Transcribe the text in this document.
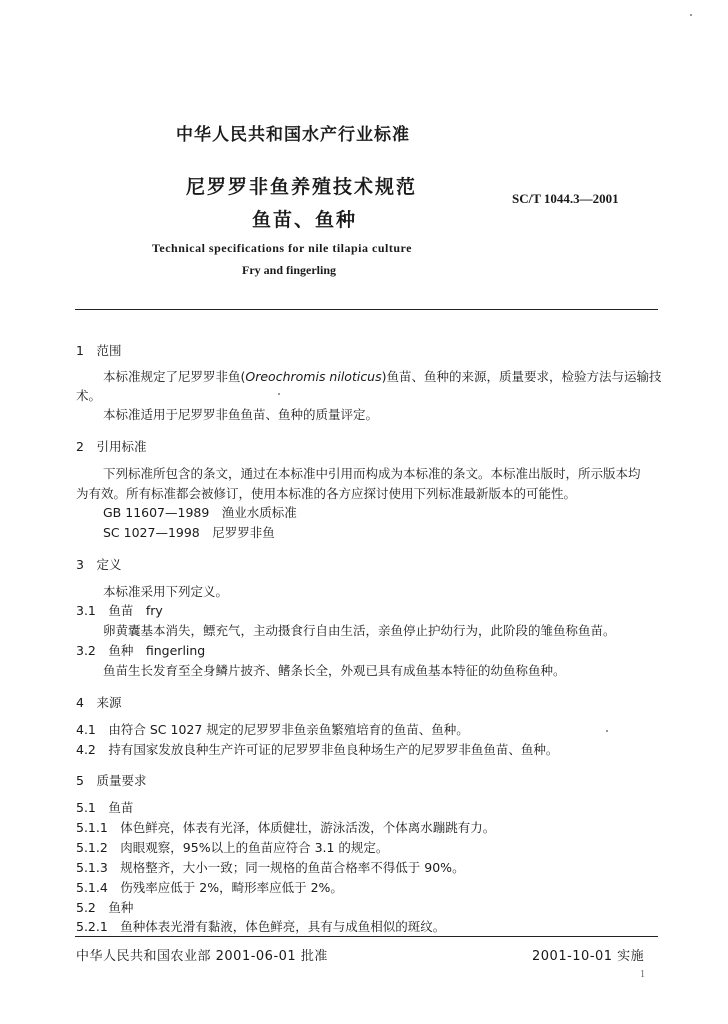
中华人民共和国水产行业标准
尼罗罗非鱼养殖技术规范
鱼苗、鱼种
SC/T 1044.3—2001
Technical specifications for nile tilapia culture
Fry and fingerling
1　范围
本标准规定了尼罗罗非鱼(Oreochromis niloticus)鱼苗、鱼种的来源，质量要求，检验方法与运输技
术。
本标准适用于尼罗罗非鱼鱼苗、鱼种的质量评定。
2　引用标准
下列标准所包含的条文，通过在本标准中引用而构成为本标准的条文。本标准出版时，所示版本均
为有效。所有标准都会被修订，使用本标准的各方应探讨使用下列标准最新版本的可能性。
GB 11607—1989　渔业水质标准
SC 1027—1998　尼罗罗非鱼
3　定义
本标准采用下列定义。
3.1　鱼苗　fry
卵黄囊基本消失，鳔充气，主动摄食行自由生活，亲鱼停止护幼行为，此阶段的雏鱼称鱼苗。
3.2　鱼种　fingerling
鱼苗生长发育至全身鳞片披齐、鳍条长全，外观已具有成鱼基本特征的幼鱼称鱼种。
4　来源
4.1　由符合 SC 1027 规定的尼罗罗非鱼亲鱼繁殖培育的鱼苗、鱼种。
4.2　持有国家发放良种生产许可证的尼罗罗非鱼良种场生产的尼罗罗非鱼鱼苗、鱼种。
5　质量要求
5.1　鱼苗
5.1.1　体色鲜亮，体表有光泽，体质健壮，游泳活泼，个体离水蹦跳有力。
5.1.2　肉眼观察，95%以上的鱼苗应符合 3.1 的规定。
5.1.3　规格整齐，大小一致；同一规格的鱼苗合格率不得低于 90%。
5.1.4　伤残率应低于 2%，畸形率应低于 2%。
5.2　鱼种
5.2.1　鱼种体表光滑有黏液，体色鲜亮，具有与成鱼相似的斑纹。
中华人民共和国农业部 2001-06-01 批准	2001-10-01 实施
1
